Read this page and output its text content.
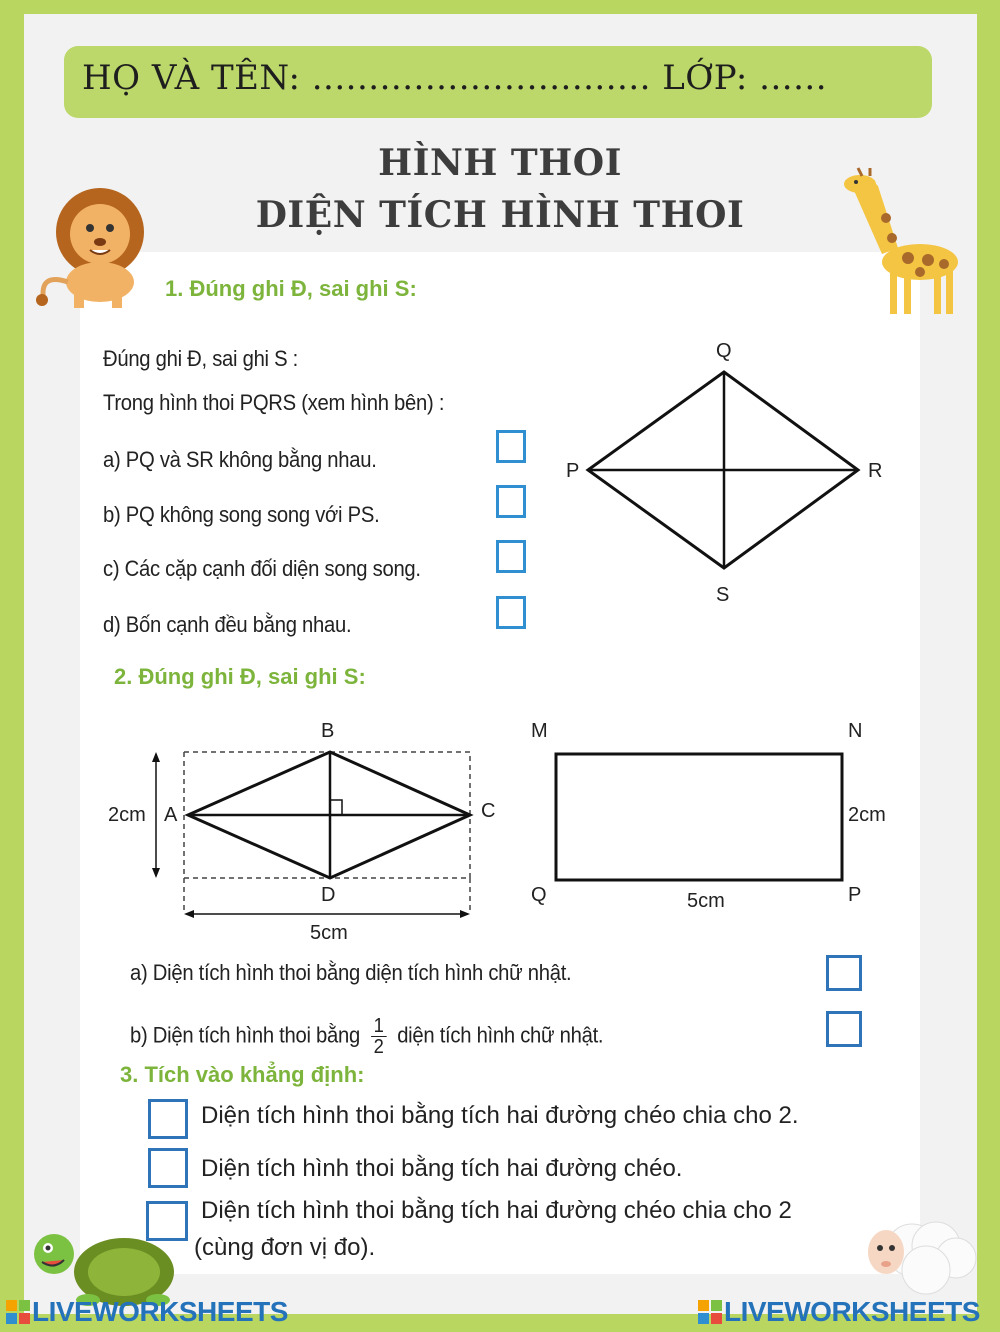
HỌ VÀ TÊN: .............................. LỚP: ......
HÌNH THOI
DIỆN TÍCH HÌNH THOI
1. Đúng ghi Đ, sai ghi S:
Đúng ghi Đ, sai ghi S :
Trong hình thoi PQRS (xem hình bên) :
a) PQ và SR không bằng nhau.
b) PQ không song song với PS.
c) Các cặp cạnh đối diện song song.
d) Bốn cạnh đều bằng nhau.
Q
P	R
S
2. Đúng ghi Đ, sai ghi S:
B
A	C
D
2cm
5cm
M	N
Q	P
2cm
5cm
a) Diện tích hình thoi bằng diện tích hình chữ nhật.
b) Diện tích hình thoi bằng $\frac{1}{2}$ diện tích hình chữ nhật.
3. Tích vào khẳng định:
Diện tích hình thoi bằng tích hai đường chéo chia cho 2.
Diện tích hình thoi bằng tích hai đường chéo.
Diện tích hình thoi bằng tích hai đường chéo chia cho 2
(cùng đơn vị đo).
LIVEWORKSHEETS	LIVEWORKSHEETS
